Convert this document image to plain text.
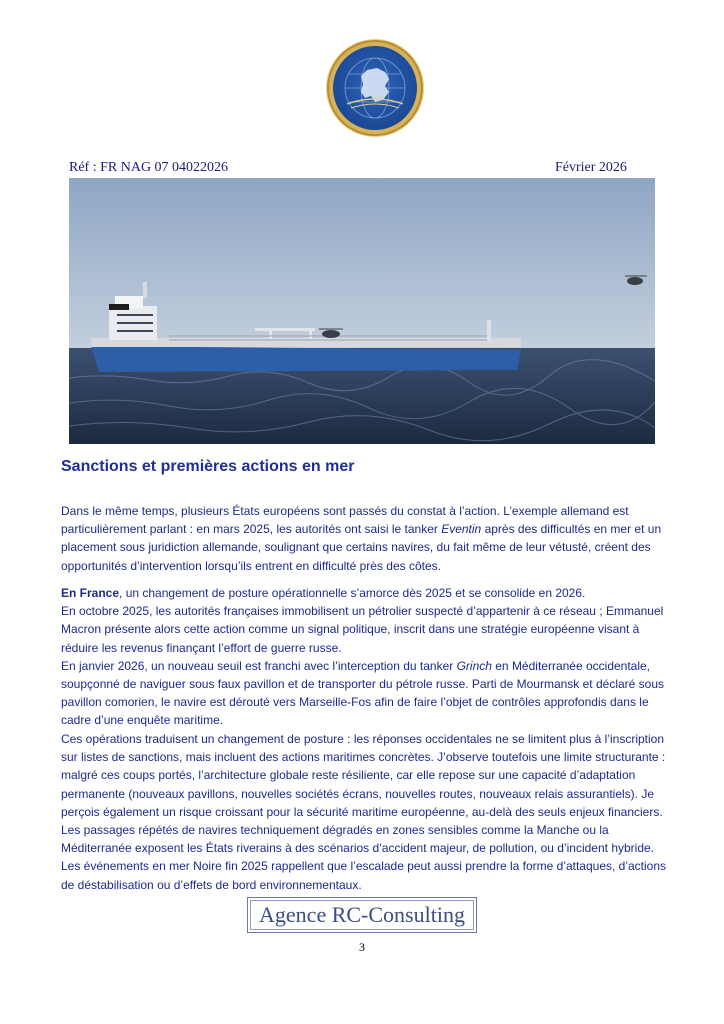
Réf : FR NAG 07 04022026	Février 2026
Sanctions et premières actions en mer

Dans le même temps, plusieurs États européens sont passés du constat à l’action. L’exemple allemand est particulièrement parlant : en mars 2025, les autorités ont saisi le tanker Eventin après des difficultés en mer et un placement sous juridiction allemande, soulignant que certains navires, du fait même de leur vétusté, créent des opportunités d’intervention lorsqu’ils entrent en difficulté près des côtes.

En France, un changement de posture opérationnelle s’amorce dès 2025 et se consolide en 2026.

En octobre 2025, les autorités françaises immobilisent un pétrolier suspecté d’appartenir à ce réseau ; Emmanuel Macron présente alors cette action comme un signal politique, inscrit dans une stratégie européenne visant à réduire les revenus finançant l’effort de guerre russe.

En janvier 2026, un nouveau seuil est franchi avec l’interception du tanker Grinch en Méditerranée occidentale, soupçonné de naviguer sous faux pavillon et de transporter du pétrole russe. Parti de Mourmansk et déclaré sous pavillon comorien, le navire est dérouté vers Marseille-Fos afin de faire l’objet de contrôles approfondis dans le cadre d’une enquête maritime.

Ces opérations traduisent un changement de posture : les réponses occidentales ne se limitent plus à l’inscription sur listes de sanctions, mais incluent des actions maritimes concrètes. J’observe toutefois une limite structurante : malgré ces coups portés, l’architecture globale reste résiliente, car elle repose sur une capacité d’adaptation permanente (nouveaux pavillons, nouvelles sociétés écrans, nouvelles routes, nouveaux relais assurantiels). Je perçois également un risque croissant pour la sécurité maritime européenne, au-delà des seuls enjeux financiers. Les passages répétés de navires techniquement dégradés en zones sensibles comme la Manche ou la Méditerranée exposent les États riverains à des scénarios d’accident majeur, de pollution, ou d’incident hybride. Les événements en mer Noire fin 2025 rappellent que l’escalade peut aussi prendre la forme d’attaques, d’actions de déstabilisation ou d’effets de bord environnementaux.

Agence RC-Consulting
3
